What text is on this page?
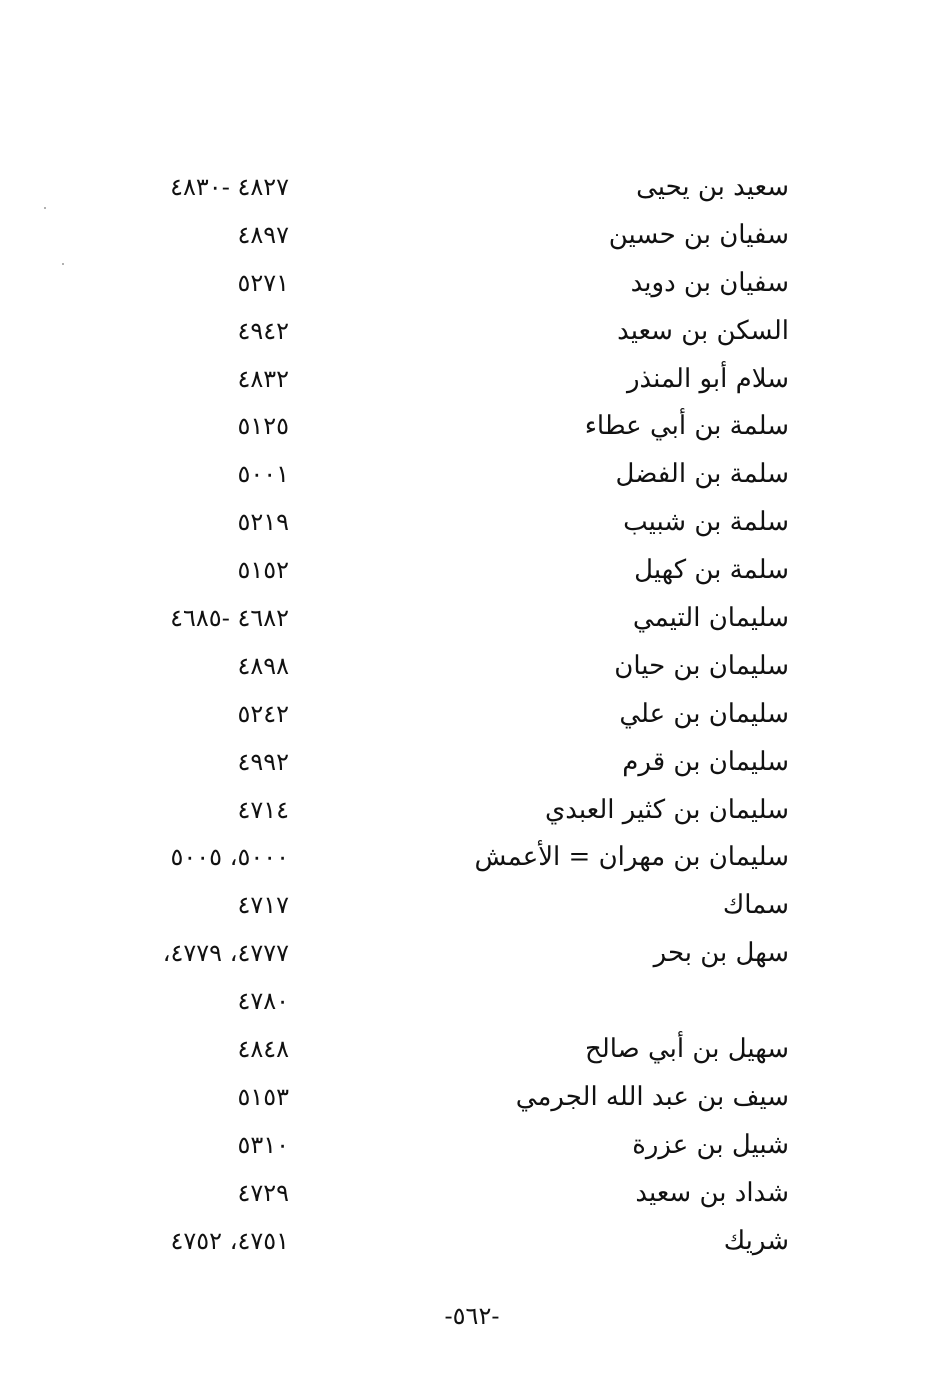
سعيد بن يحيى
٤٨٢٧ -٤٨٣٠
سفيان بن حسين
٤٨٩٧
سفيان بن دويد
٥٢٧١
السكن بن سعيد
٤٩٤٢
سلام أبو المنذر
٤٨٣٢
سلمة بن أبي عطاء
٥١٢٥
سلمة بن الفضل
٥٠٠١
سلمة بن شبيب
٥٢١٩
سلمة بن كهيل
٥١٥٢
سليمان التيمي
٤٦٨٢ -٤٦٨٥
سليمان بن حيان
٤٨٩٨
سليمان بن علي
٥٢٤٢
سليمان بن قرم
٤٩٩٢
سليمان بن كثير العبدي
٤٧١٤
سليمان بن مهران = الأعمش
٥٠٠٠، ٥٠٠٥
سماك
٤٧١٧
سهل بن بحر
٤٧٧٧، ٤٧٧٩،
٤٧٨٠
سهيل بن أبي صالح
٤٨٤٨
سيف بن عبد الله الجرمي
٥١٥٣
شبيل بن عزرة
٥٣١٠
شداد بن سعيد
٤٧٢٩
شريك
٤٧٥١، ٤٧٥٢
-٥٦٢-
